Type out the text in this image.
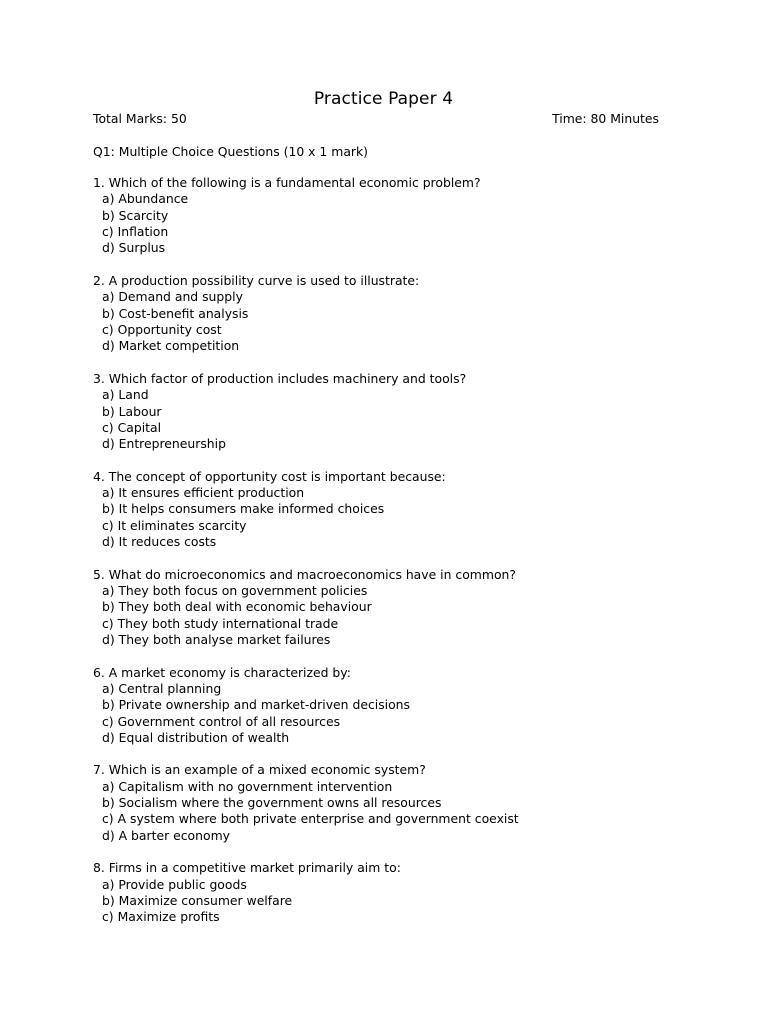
Practice Paper 4
Total Marks: 50	Time: 80 Minutes
Q1: Multiple Choice Questions (10 x 1 mark)
1. Which of the following is a fundamental economic problem?
a) Abundance
b) Scarcity
c) Inflation
d) Surplus
2. A production possibility curve is used to illustrate:
a) Demand and supply
b) Cost-benefit analysis
c) Opportunity cost
d) Market competition
3. Which factor of production includes machinery and tools?
a) Land
b) Labour
c) Capital
d) Entrepreneurship
4. The concept of opportunity cost is important because:
a) It ensures efficient production
b) It helps consumers make informed choices
c) It eliminates scarcity
d) It reduces costs
5. What do microeconomics and macroeconomics have in common?
a) They both focus on government policies
b) They both deal with economic behaviour
c) They both study international trade
d) They both analyse market failures
6. A market economy is characterized by:
a) Central planning
b) Private ownership and market-driven decisions
c) Government control of all resources
d) Equal distribution of wealth
7. Which is an example of a mixed economic system?
a) Capitalism with no government intervention
b) Socialism where the government owns all resources
c) A system where both private enterprise and government coexist
d) A barter economy
8. Firms in a competitive market primarily aim to:
a) Provide public goods
b) Maximize consumer welfare
c) Maximize profits
